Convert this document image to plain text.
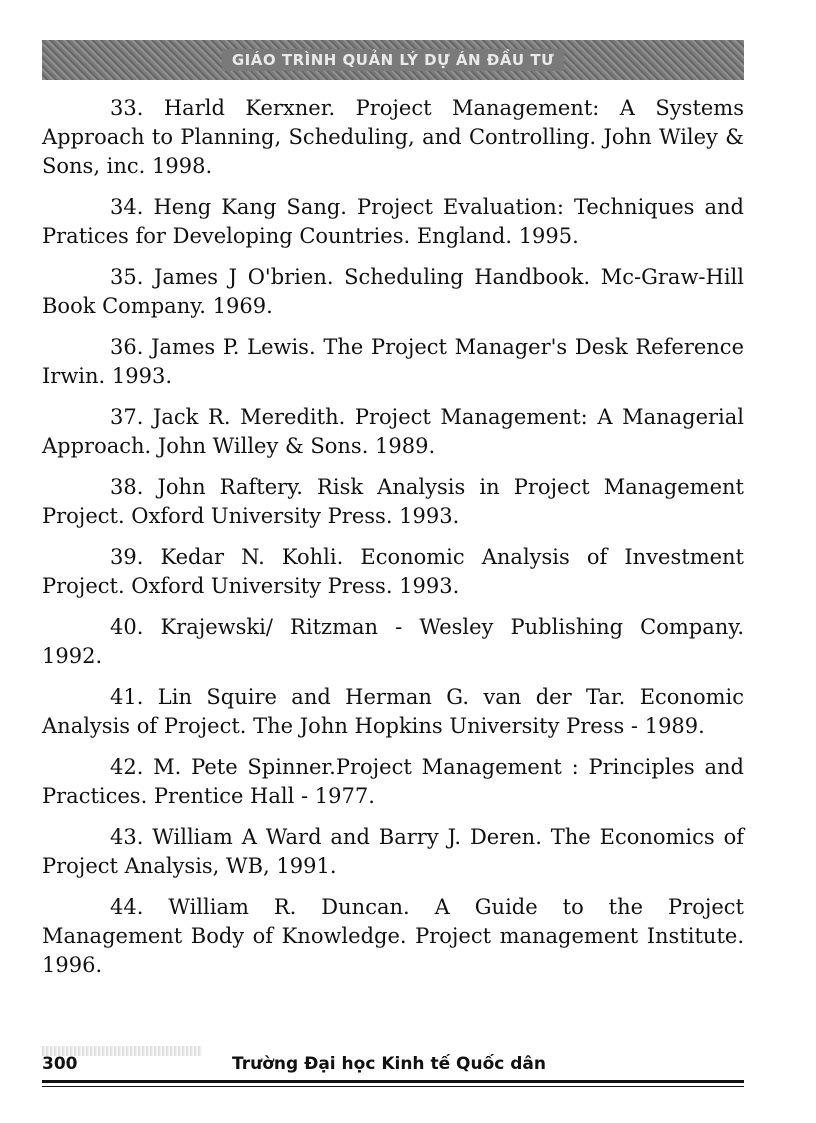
GIÁO TRÌNH QUẢN LÝ DỰ ÁN ĐẦU TƯ

33. Harld Kerxner. Project Management: A Systems Approach to Planning, Scheduling, and Controlling. John Wiley & Sons, inc. 1998.

34. Heng Kang Sang. Project Evaluation: Techniques and Pratices for Developing Countries. England. 1995.

35. James J O'brien. Scheduling Handbook. Mc-Graw-Hill Book Company. 1969.

36. James P. Lewis. The Project Manager's Desk Reference Irwin. 1993.

37. Jack R. Meredith. Project Management: A Managerial Approach. John Willey & Sons. 1989.

38. John Raftery. Risk Analysis in Project Management Project. Oxford University Press. 1993.

39. Kedar N. Kohli. Economic Analysis of Investment Project. Oxford University Press. 1993.

40. Krajewski/ Ritzman - Wesley Publishing Company. 1992.

41. Lin Squire and Herman G. van der Tar. Economic Analysis of Project. The John Hopkins University Press - 1989.

42. M. Pete Spinner.Project Management : Principles and Practices. Prentice Hall - 1977.

43. William A Ward and Barry J. Deren. The Economics of Project Analysis, WB, 1991.

44. William R. Duncan. A Guide to the Project Management Body of Knowledge. Project management Institute. 1996.

300	Trường Đại học Kinh tế Quốc dân
